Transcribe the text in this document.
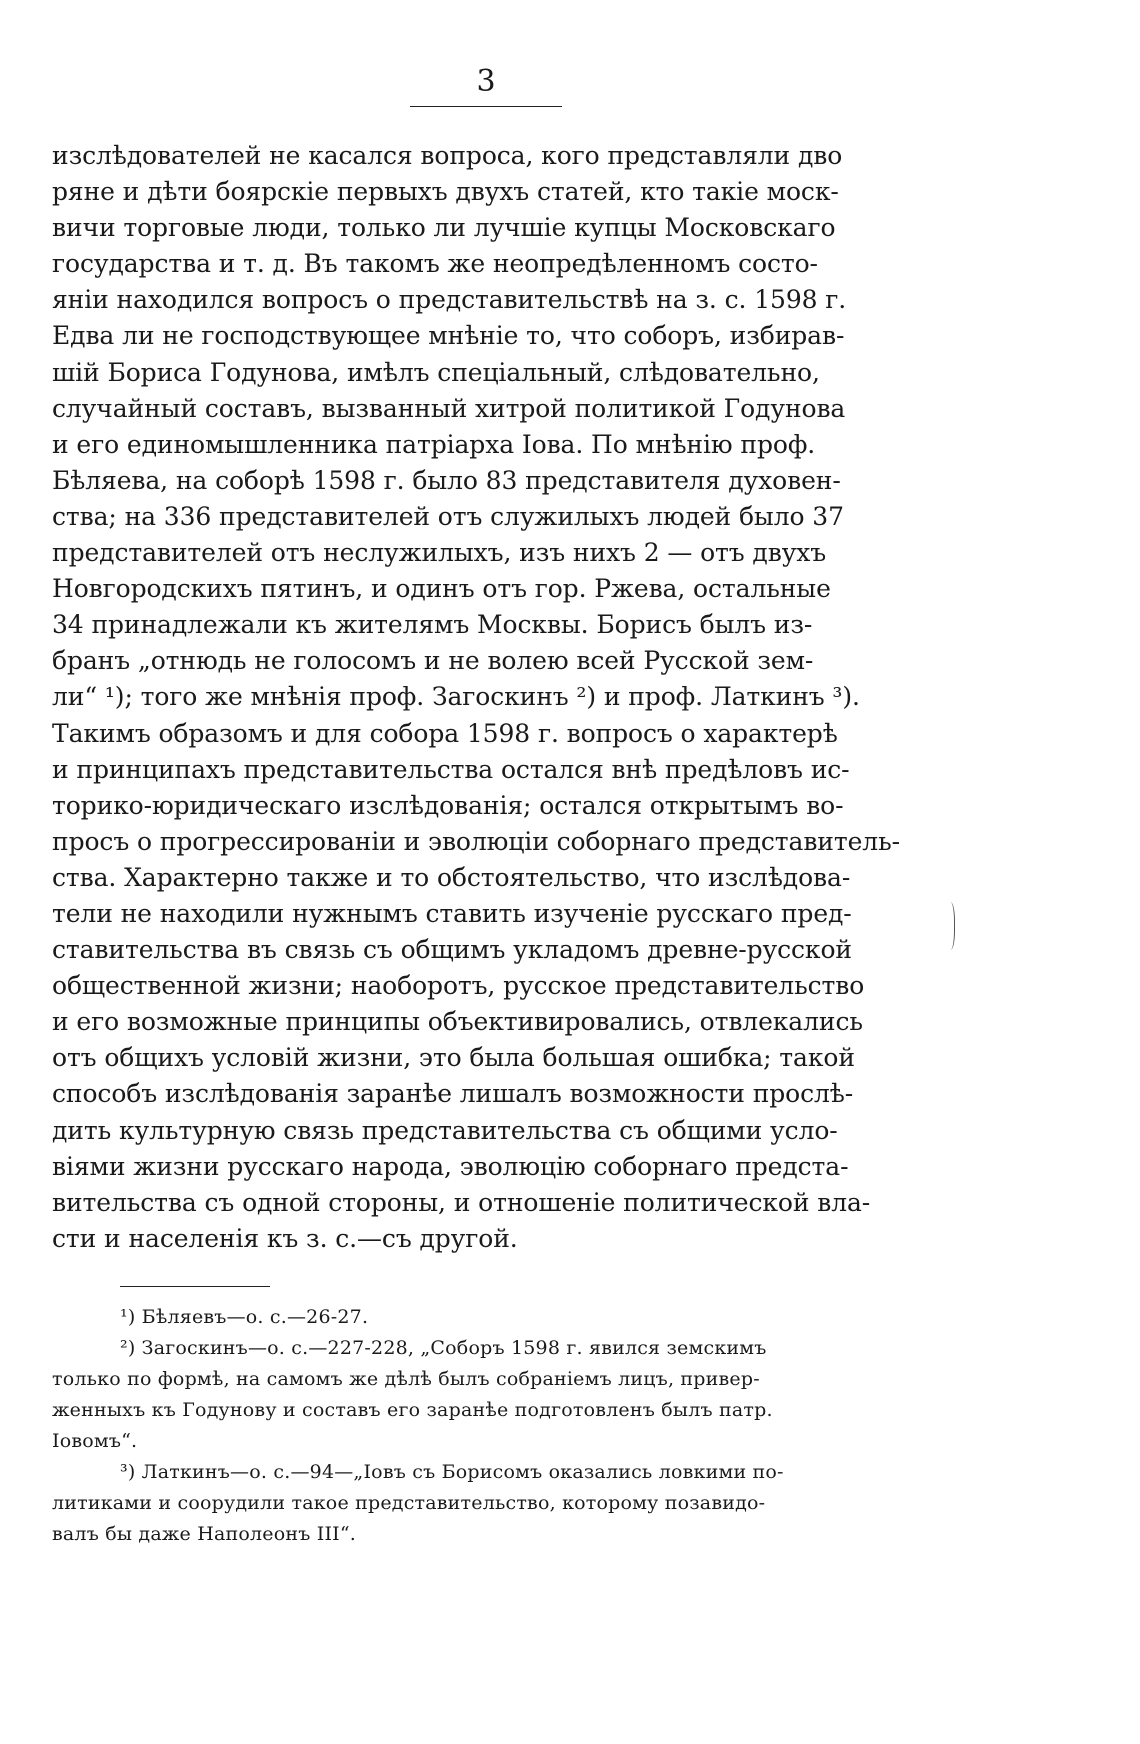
3
изслѣдователей не касался вопроса, кого представляли дво
ряне и дѣти боярскіе первыхъ двухъ статей, кто такіе моск-
вичи торговые люди, только ли лучшіе купцы Московскаго
государства и т. д. Въ такомъ же неопредѣленномъ состо-
яніи находился вопросъ о представительствѣ на з. с. 1598 г.
Едва ли не господствующее мнѣніе то, что соборъ, избирав-
шій Бориса Годунова, имѣлъ спеціальный, слѣдовательно,
случайный составъ, вызванный хитрой политикой Годунова
и его единомышленника патріарха Іова. По мнѣнію проф.
Бѣляева, на соборѣ 1598 г. было 83 представителя духовен-
ства; на 336 представителей отъ служилыхъ людей было 37
представителей отъ неслужилыхъ, изъ нихъ 2 — отъ двухъ
Новгородскихъ пятинъ, и одинъ отъ гор. Ржева, остальные
34 принадлежали къ жителямъ Москвы. Борисъ былъ из-
бранъ „отнюдь не голосомъ и не волею всей Русской зем-
ли“ ¹); того же мнѣнія проф. Загоскинъ ²) и проф. Латкинъ ³).
Такимъ образомъ и для собора 1598 г. вопросъ о характерѣ
и принципахъ представительства остался внѣ предѣловъ ис-
торико-юридическаго изслѣдованія; остался открытымъ во-
просъ о прогрессированіи и эволюціи соборнаго представитель-
ства. Характерно также и то обстоятельство, что изслѣдова-
тели не находили нужнымъ ставить изученіе русскаго пред-
ставительства въ связь съ общимъ укладомъ древне-русской
общественной жизни; наоборотъ, русское представительство
и его возможные принципы объективировались, отвлекались
отъ общихъ условій жизни, это была большая ошибка; такой
способъ изслѣдованія заранѣе лишалъ возможности прослѣ-
дить культурную связь представительства съ общими усло-
віями жизни русскаго народа, эволюцію соборнаго предста-
вительства съ одной стороны, и отношеніе политической вла-
сти и населенія къ з. с.—съ другой.
¹) Бѣляевъ—о. с.—26-27.
²) Загоскинъ—о. с.—227-228, „Соборъ 1598 г. явился земскимъ
только по формѣ, на самомъ же дѣлѣ былъ собраніемъ лицъ, привер-
женныхъ къ Годунову и составъ его заранѣе подготовленъ былъ патр.
Іовомъ“.
³) Латкинъ—о. с.—94—„Іовъ съ Борисомъ оказались ловкими по-
литиками и соорудили такое представительство, которому позавидо-
валъ бы даже Наполеонъ III“.
